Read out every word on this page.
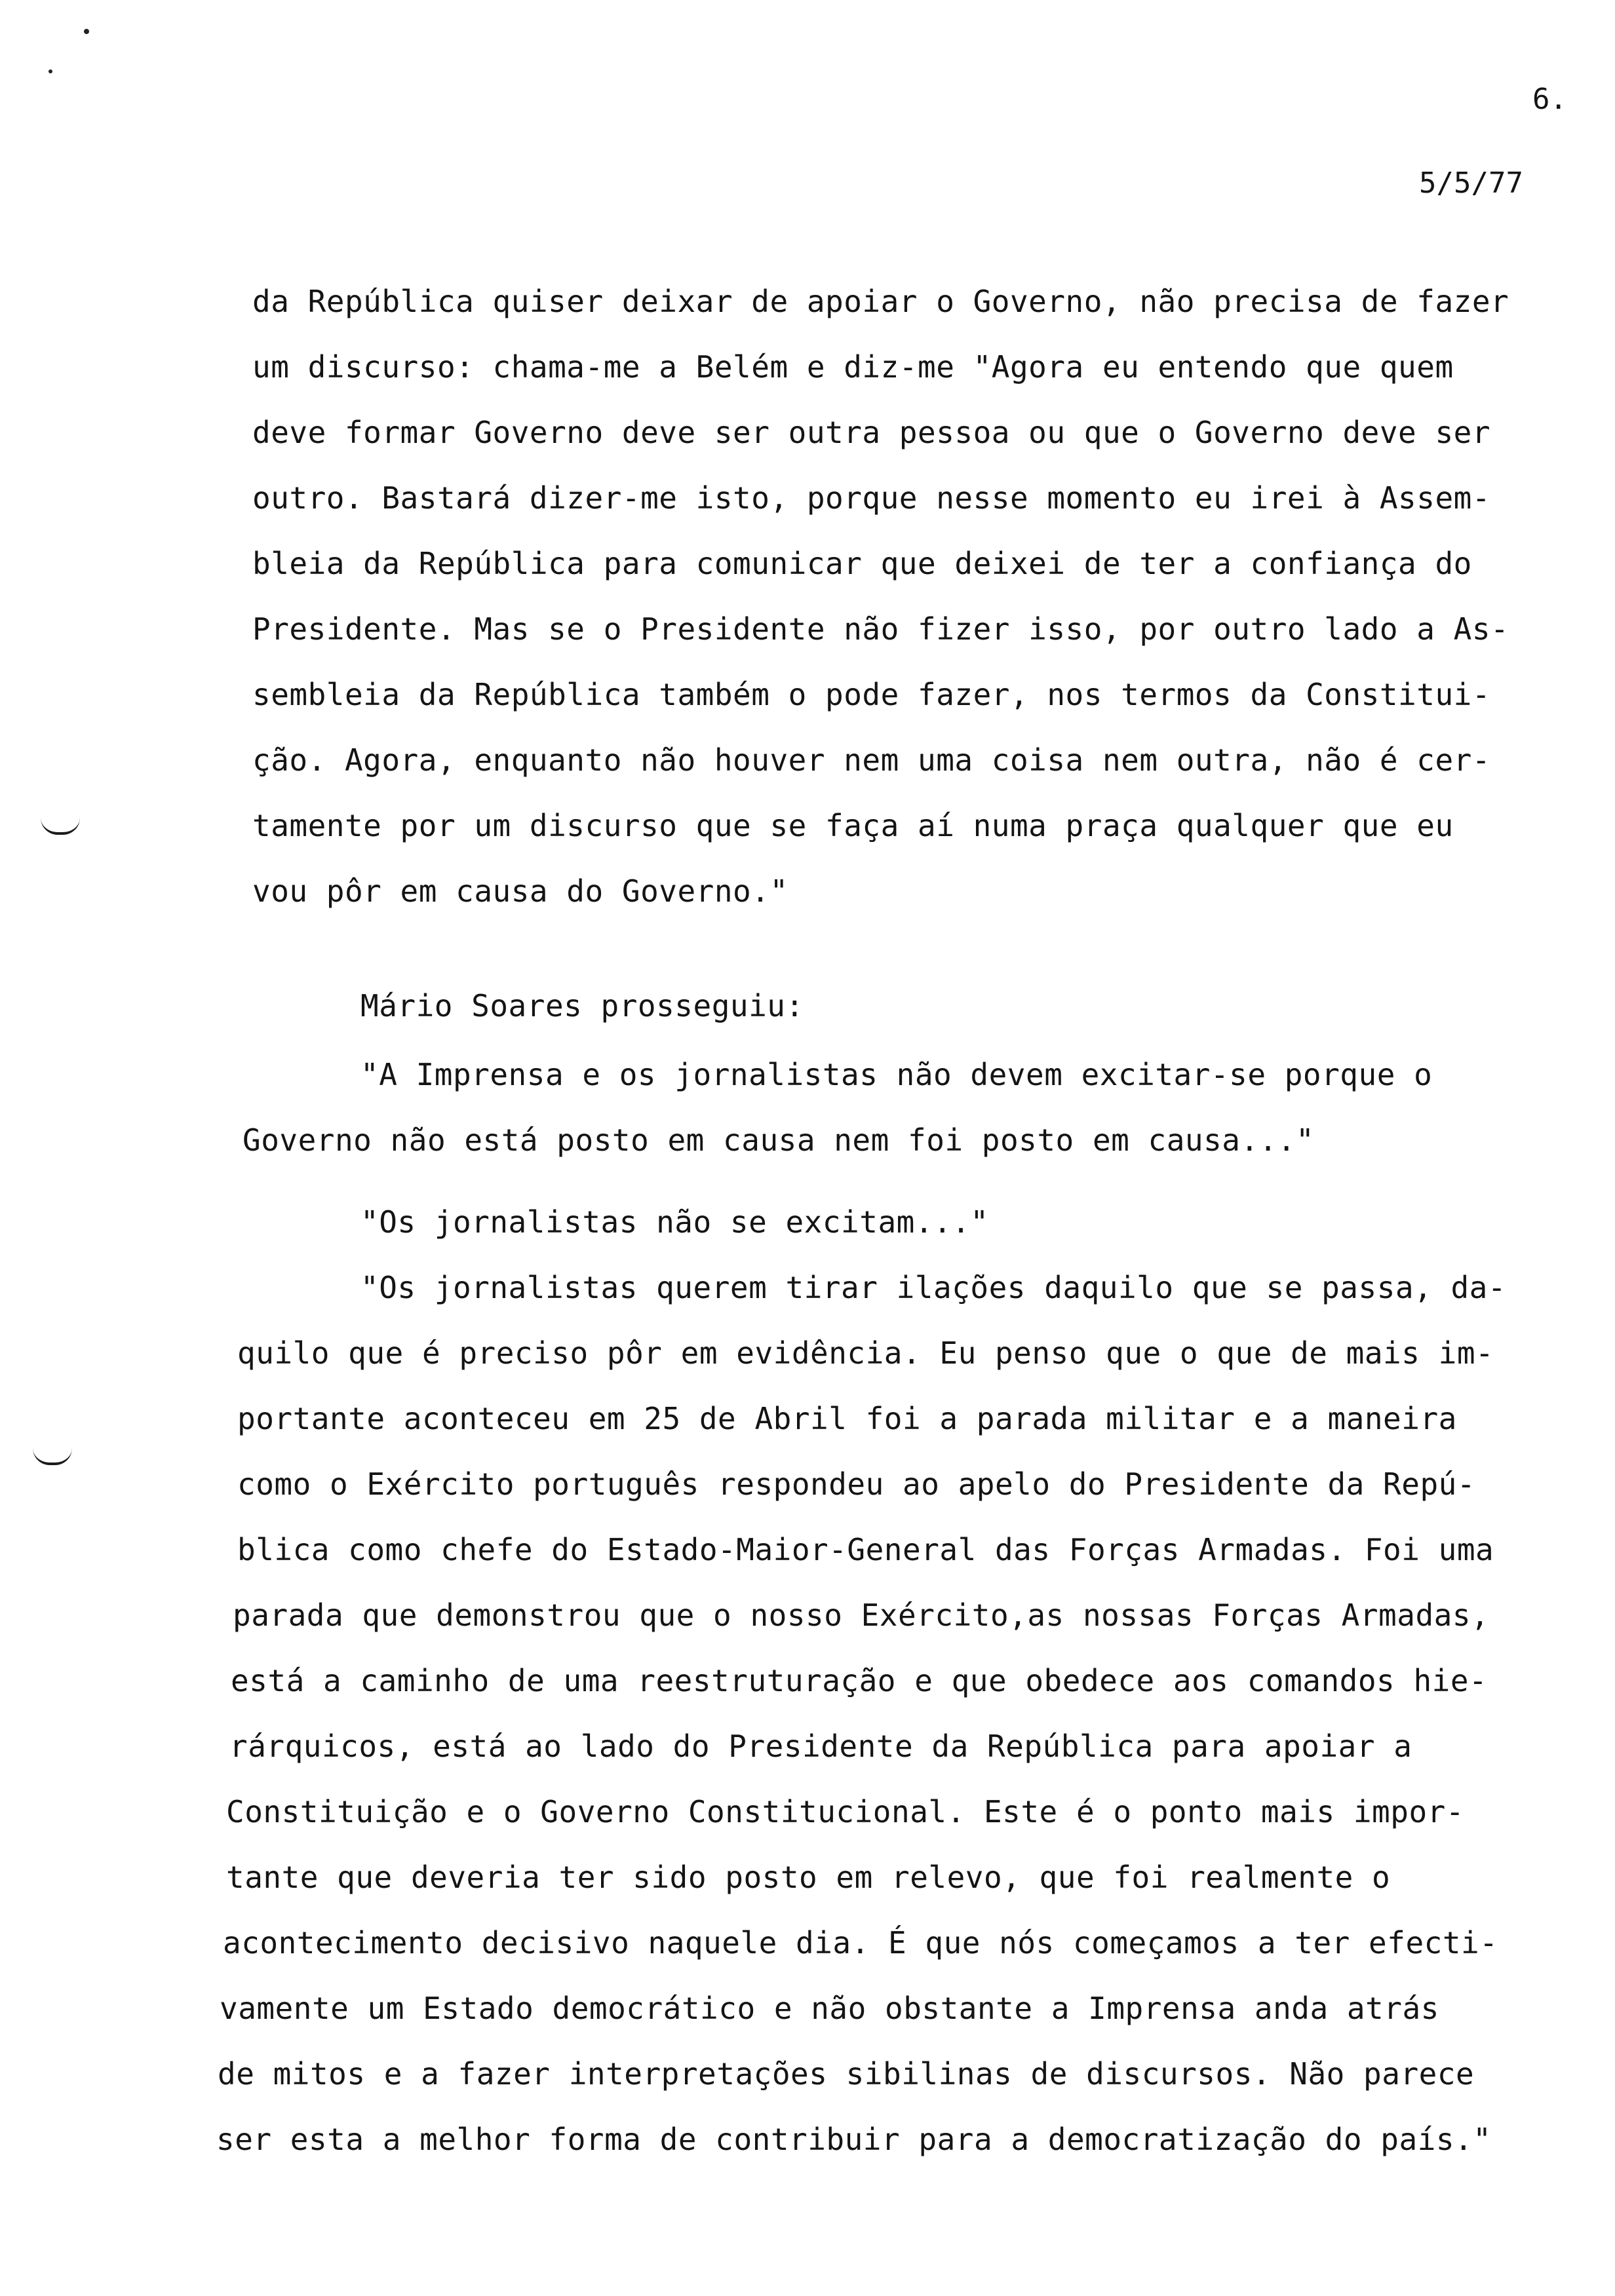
6.
5/5/77
da República quiser deixar de apoiar o Governo, não precisa de fazer
um discurso: chama-me a Belém e diz-me "Agora eu entendo que quem
deve formar Governo deve ser outra pessoa ou que o Governo deve ser
outro. Bastará dizer-me isto, porque nesse momento eu irei à Assem-
bleia da República para comunicar que deixei de ter a confiança do
Presidente. Mas se o Presidente não fizer isso, por outro lado a As-
sembleia da República também o pode fazer, nos termos da Constitui-
ção. Agora, enquanto não houver nem uma coisa nem outra, não é cer-
tamente por um discurso que se faça aí numa praça qualquer que eu
vou pôr em causa do Governo."
Mário Soares prosseguiu:
"A Imprensa e os jornalistas não devem excitar-se porque o
Governo não está posto em causa nem foi posto em causa..."
"Os jornalistas não se excitam..."
"Os jornalistas querem tirar ilações daquilo que se passa, da-
quilo que é preciso pôr em evidência. Eu penso que o que de mais im-
portante aconteceu em 25 de Abril foi a parada militar e a maneira
como o Exército português respondeu ao apelo do Presidente da Repú-
blica como chefe do Estado-Maior-General das Forças Armadas. Foi uma
parada que demonstrou que o nosso Exército,as nossas Forças Armadas,
está a caminho de uma reestruturação e que obedece aos comandos hie-
rárquicos, está ao lado do Presidente da República para apoiar a
Constituição e o Governo Constitucional. Este é o ponto mais impor-
tante que deveria ter sido posto em relevo, que foi realmente o
acontecimento decisivo naquele dia. É que nós começamos a ter efecti-
vamente um Estado democrático e não obstante a Imprensa anda atrás
de mitos e a fazer interpretações sibilinas de discursos. Não parece
ser esta a melhor forma de contribuir para a democratização do país."
